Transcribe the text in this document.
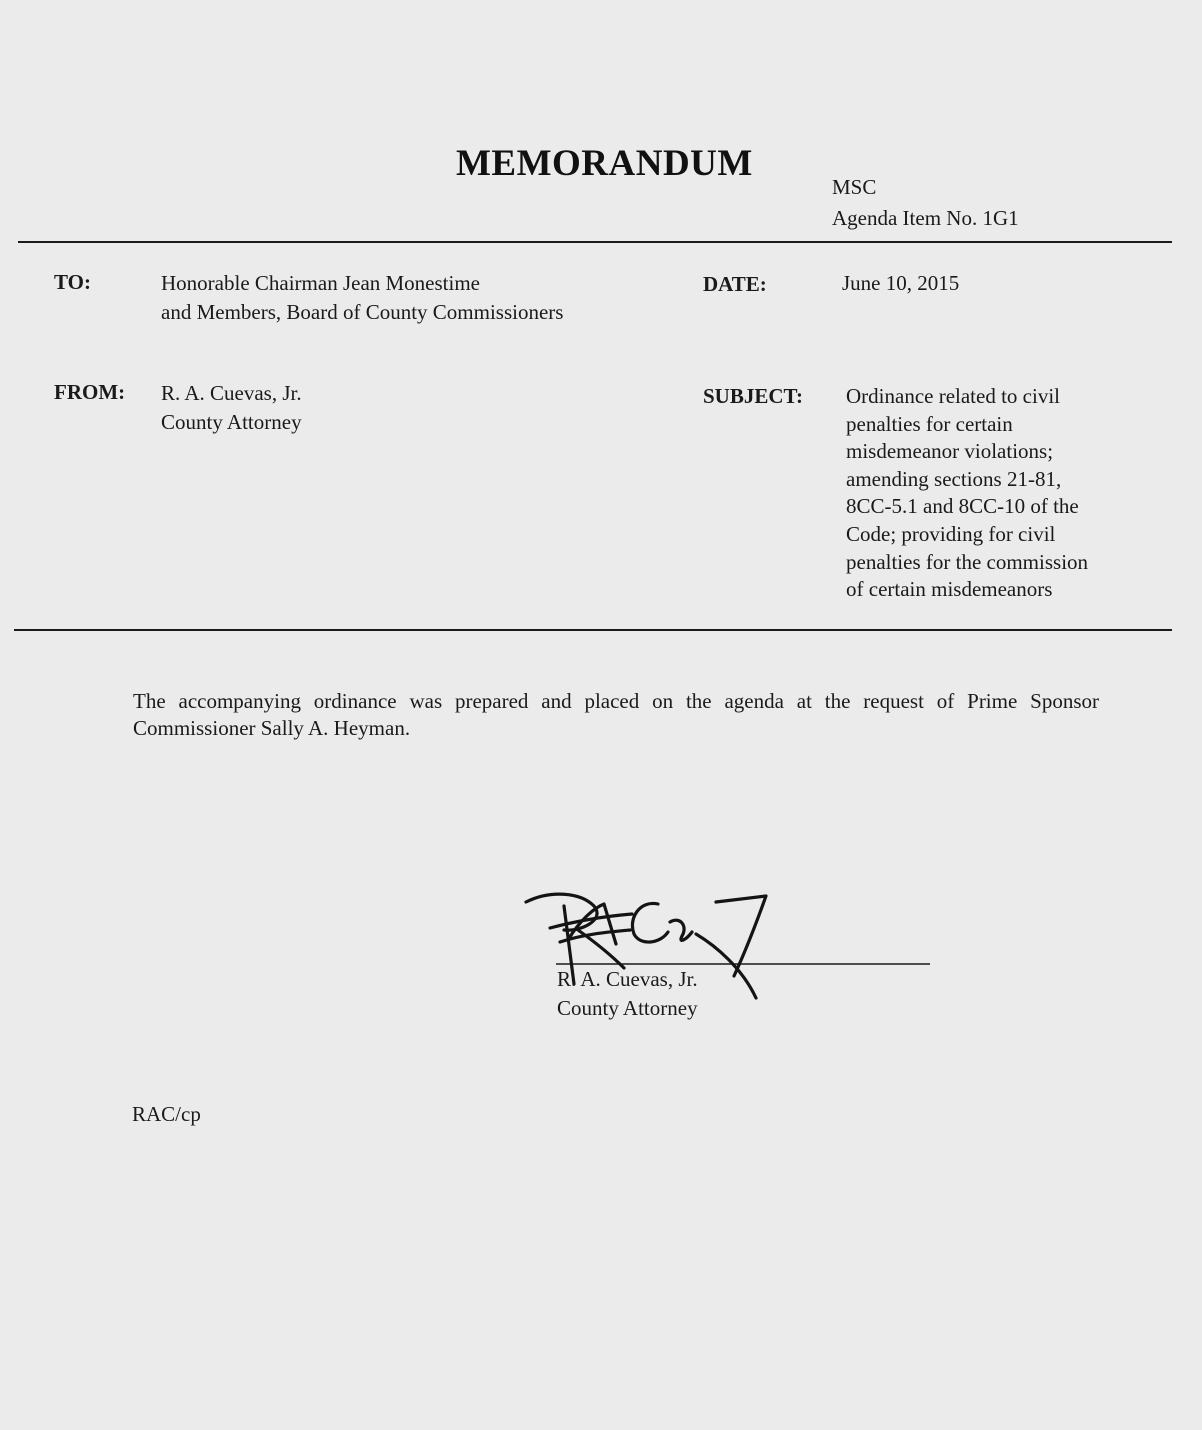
MEMORANDUM
MSC
Agenda Item No. 1G1
TO:	Honorable Chairman Jean Monestime
and Members, Board of County Commissioners
DATE:	June 10, 2015
FROM: R. A. Cuevas, Jr.
County Attorney
SUBJECT: Ordinance related to civil
penalties for certain
misdemeanor violations;
amending sections 21-81,
8CC-5.1 and 8CC-10 of the
Code; providing for civil
penalties for the commission
of certain misdemeanors
The accompanying ordinance was prepared and placed on the agenda at the request of Prime Sponsor Commissioner Sally A. Heyman.
R. A. Cuevas, Jr.
County Attorney
RAC/cp
